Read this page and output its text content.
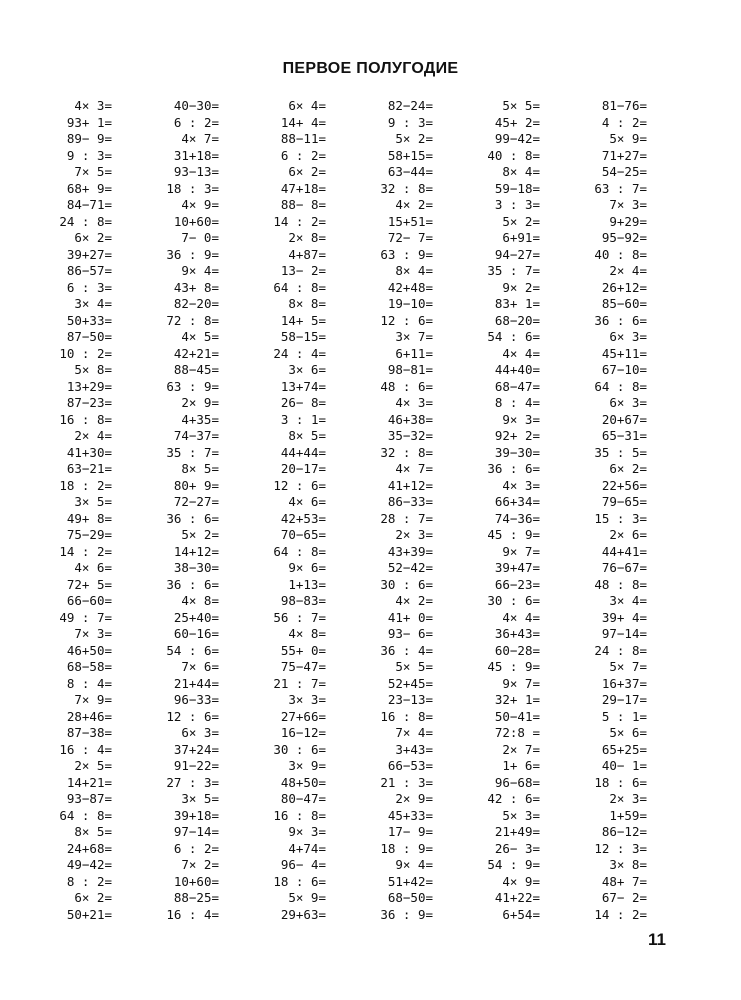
ПЕРВОЕ ПОЛУГОДИЕ
4× 3=
93+ 1=
89− 9=
9 : 3=
7× 5=
68+ 9=
84−71=
24 : 8=
6× 2=
39+27=
86−57=
6 : 3=
3× 4=
50+33=
87−50=
10 : 2=
5× 8=
13+29=
87−23=
16 : 8=
2× 4=
41+30=
63−21=
18 : 2=
3× 5=
49+ 8=
75−29=
14 : 2=
4× 6=
72+ 5=
66−60=
49 : 7=
7× 3=
46+50=
68−58=
8 : 4=
7× 9=
28+46=
87−38=
16 : 4=
2× 5=
14+21=
93−87=
64 : 8=
8× 5=
24+68=
49−42=
8 : 2=
6× 2=
50+21=
40−30=
6 : 2=
4× 7=
31+18=
93−13=
18 : 3=
4× 9=
10+60=
7− 0=
36 : 9=
9× 4=
43+ 8=
82−20=
72 : 8=
4× 5=
42+21=
88−45=
63 : 9=
2× 9=
4+35=
74−37=
35 : 7=
8× 5=
80+ 9=
72−27=
36 : 6=
5× 2=
14+12=
38−30=
36 : 6=
4× 8=
25+40=
60−16=
54 : 6=
7× 6=
21+44=
96−33=
12 : 6=
6× 3=
37+24=
91−22=
27 : 3=
3× 5=
39+18=
97−14=
6 : 2=
7× 2=
10+60=
88−25=
16 : 4=
6× 4=
14+ 4=
88−11=
6 : 2=
6× 2=
47+18=
88− 8=
14 : 2=
2× 8=
4+87=
13− 2=
64 : 8=
8× 8=
14+ 5=
58−15=
24 : 4=
3× 6=
13+74=
26− 8=
3 : 1=
8× 5=
44+44=
20−17=
12 : 6=
4× 6=
42+53=
70−65=
64 : 8=
9× 6=
1+13=
98−83=
56 : 7=
4× 8=
55+ 0=
75−47=
21 : 7=
3× 3=
27+66=
16−12=
30 : 6=
3× 9=
48+50=
80−47=
16 : 8=
9× 3=
4+74=
96− 4=
18 : 6=
5× 9=
29+63=
82−24=
9 : 3=
5× 2=
58+15=
63−44=
32 : 8=
4× 2=
15+51=
72− 7=
63 : 9=
8× 4=
42+48=
19−10=
12 : 6=
3× 7=
6+11=
98−81=
48 : 6=
4× 3=
46+38=
35−32=
32 : 8=
4× 7=
41+12=
86−33=
28 : 7=
2× 3=
43+39=
52−42=
30 : 6=
4× 2=
41+ 0=
93− 6=
36 : 4=
5× 5=
52+45=
23−13=
16 : 8=
7× 4=
3+43=
66−53=
21 : 3=
2× 9=
45+33=
17− 9=
18 : 9=
9× 4=
51+42=
68−50=
36 : 9=
5× 5=
45+ 2=
99−42=
40 : 8=
8× 4=
59−18=
3 : 3=
5× 2=
6+91=
94−27=
35 : 7=
9× 2=
83+ 1=
68−20=
54 : 6=
4× 4=
44+40=
68−47=
8 : 4=
9× 3=
92+ 2=
39−30=
36 : 6=
4× 3=
66+34=
74−36=
45 : 9=
9× 7=
39+47=
66−23=
30 : 6=
4× 4=
36+43=
60−28=
45 : 9=
9× 7=
32+ 1=
50−41=
72:8 =
2× 7=
1+ 6=
96−68=
42 : 6=
5× 3=
21+49=
26− 3=
54 : 9=
4× 9=
41+22=
6+54=
81−76=
4 : 2=
5× 9=
71+27=
54−25=
63 : 7=
7× 3=
9+29=
95−92=
40 : 8=
2× 4=
26+12=
85−60=
36 : 6=
6× 3=
45+11=
67−10=
64 : 8=
6× 3=
20+67=
65−31=
35 : 5=
6× 2=
22+56=
79−65=
15 : 3=
2× 6=
44+41=
76−67=
48 : 8=
3× 4=
39+ 4=
97−14=
24 : 8=
5× 7=
16+37=
29−17=
5 : 1=
5× 6=
65+25=
40− 1=
18 : 6=
2× 3=
1+59=
86−12=
12 : 3=
3× 8=
48+ 7=
67− 2=
14 : 2=
11
